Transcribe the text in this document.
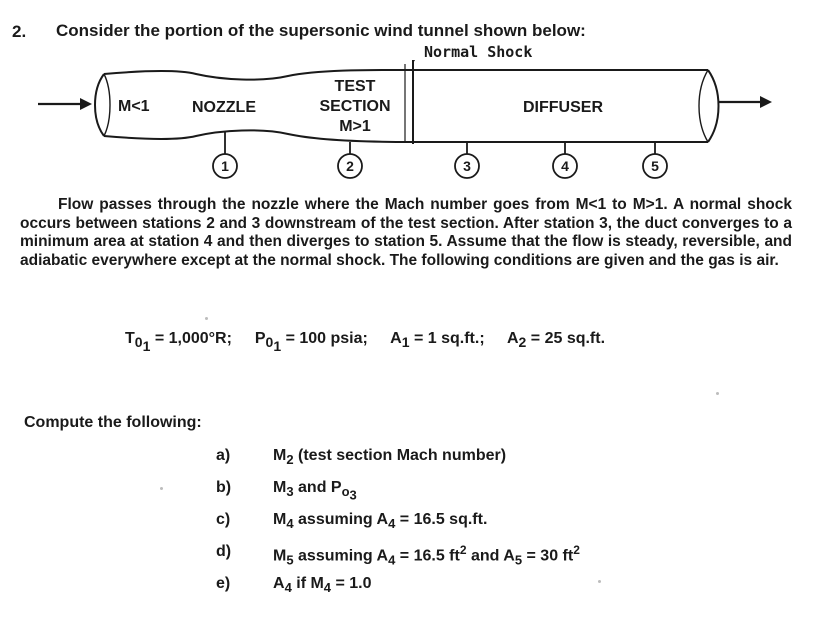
2. Consider the portion of the supersonic wind tunnel shown below:
Normal Shock
M<1	NOZZLE
TEST
SECTION
M>1
DIFFUSER
1	2	3	4	5
Flow passes through the nozzle where the Mach number goes from M<1 to M>1. A normal shock occurs between stations 2 and 3 downstream of the test section. After station 3, the duct converges to a minimum area at station 4 and then diverges to station 5. Assume that the flow is steady, reversible, and adiabatic everywhere except at the normal shock. The following conditions are given and the gas is air.
$T_{0_1} = 1,000^\circ R$; $P_{0_1} = 100$ psia; $A_1 = 1$ sq.ft.; $A_2 = 25$ sq.ft.
Compute the following:
a)	$M_2$ (test section Mach number)
b)	$M_3$ and $P_{o_3}$
c)	$M_4$ assuming $A_4 = 16.5$ sq.ft.
d)	$M_5$ assuming $A_4 = 16.5$ $ft^2$ and $A_5 = 30$ $ft^2$
e)	$A_4$ if $M_4 = 1.0$
